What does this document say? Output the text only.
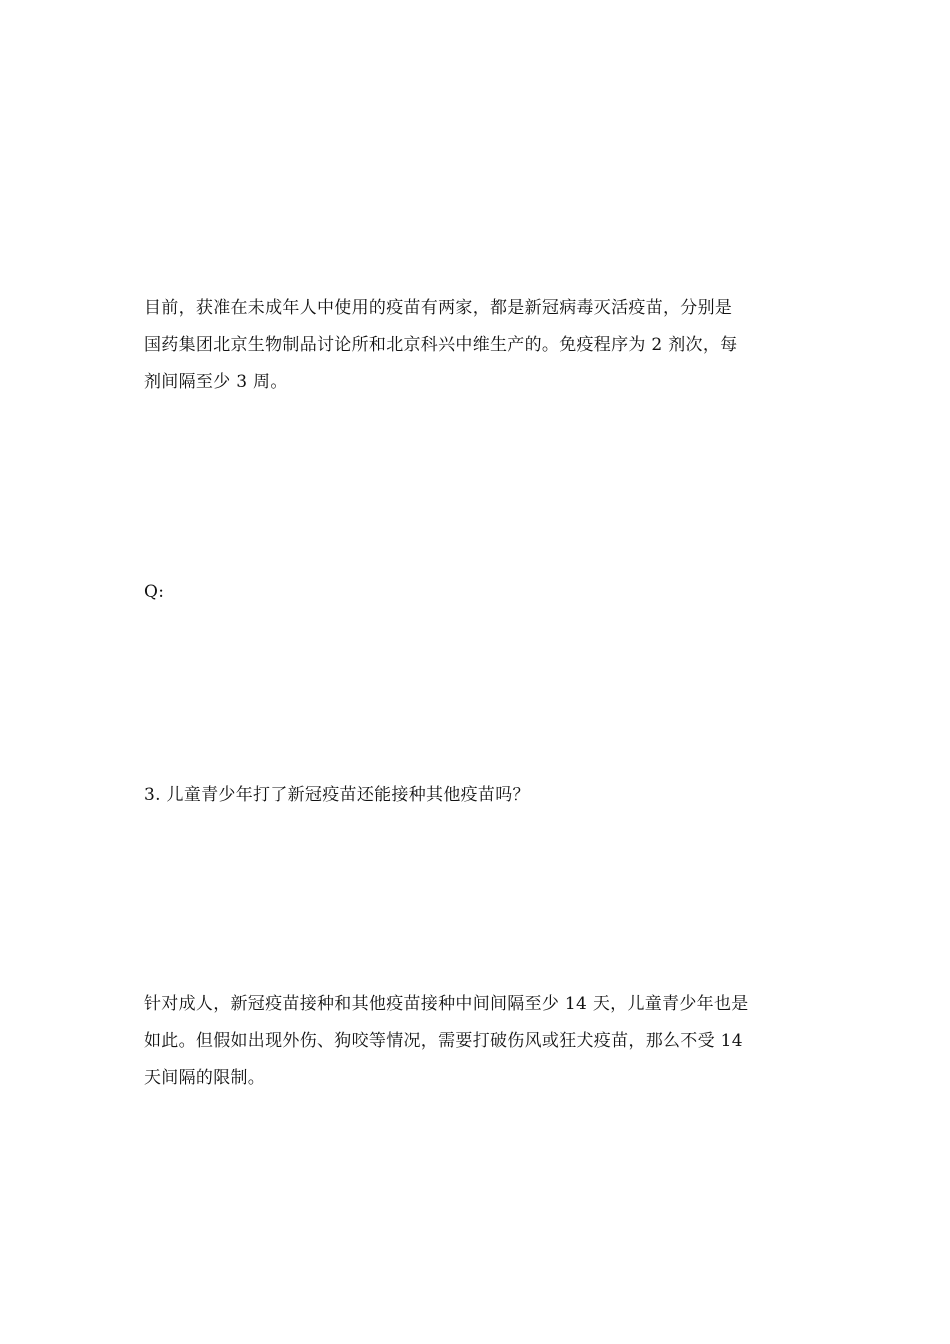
目前，获准在未成年人中使用的疫苗有两家，都是新冠病毒灭活疫苗，分别是
国药集团北京生物制品讨论所和北京科兴中维生产的。免疫程序为 2 剂次，每
剂间隔至少 3 周。

Q:

3. 儿童青少年打了新冠疫苗还能接种其他疫苗吗？

针对成人，新冠疫苗接种和其他疫苗接种中间间隔至少 14 天，儿童青少年也是
如此。但假如出现外伤、狗咬等情况，需要打破伤风或狂犬疫苗，那么不受 14
天间隔的限制。
